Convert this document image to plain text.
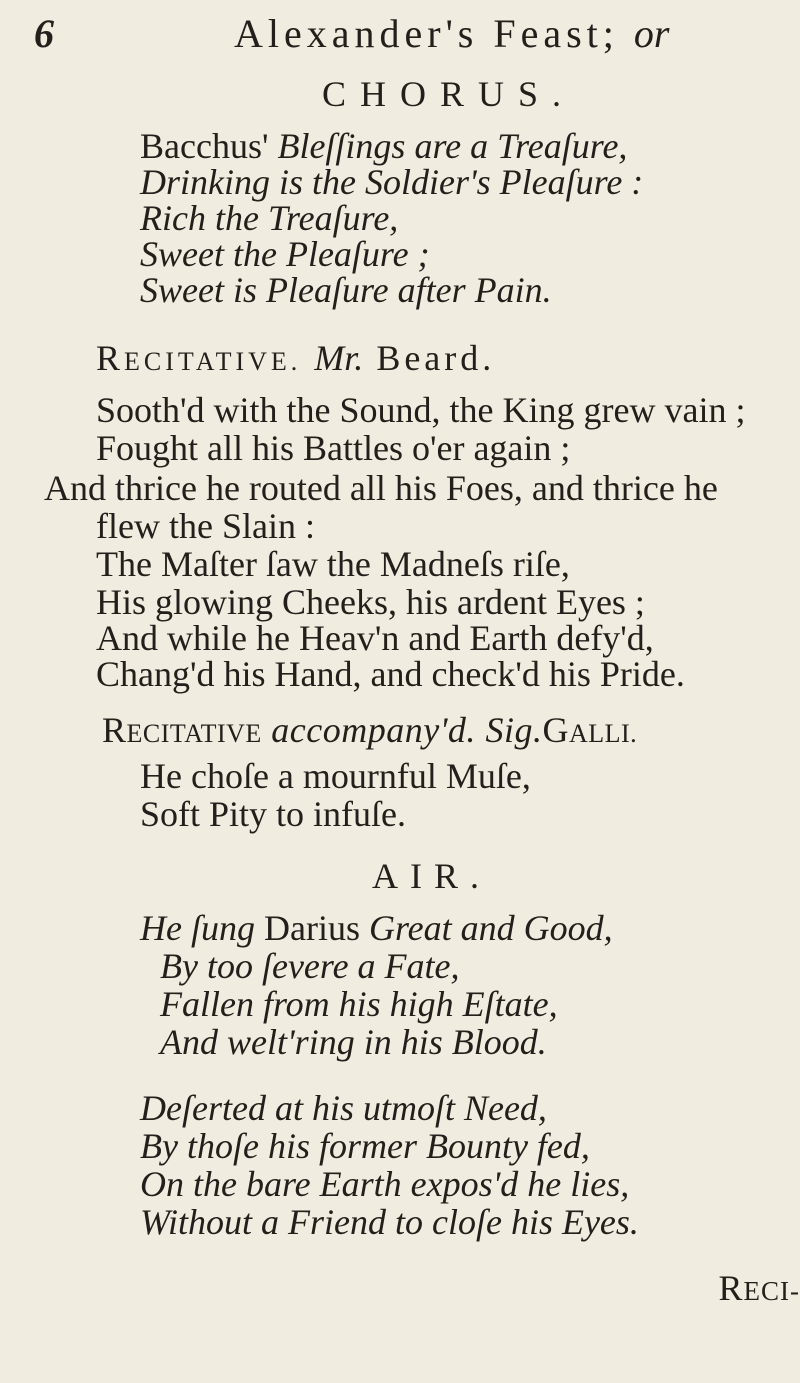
6	Alexander's Feast; or
CHORUS.
Bacchus' Bleſſings are a Treaſure,
Drinking is the Soldier's Pleaſure :
Rich the Treaſure,
Sweet the Pleaſure ;
Sweet is Pleaſure after Pain.
RECITATIVE. Mr. Beard.
Sooth'd with the Sound, the King grew vain ;
Fought all his Battles o'er again ;
And thrice he routed all his Foes, and thrice he
flew the Slain :
The Maſter ſaw the Madneſs riſe,
His glowing Cheeks, his ardent Eyes ;
And while he Heav'n and Earth defy'd,
Chang'd his Hand, and check'd his Pride.
RECITATIVE accompany'd. Sig.GALLI.
He choſe a mournful Muſe,
Soft Pity to infuſe.
AIR.
He ſung Darius Great and Good,
By too ſevere a Fate,
Fallen from his high Eſtate,
And welt'ring in his Blood.
Deſerted at his utmoſt Need,
By thoſe his former Bounty fed,
On the bare Earth expos'd he lies,
Without a Friend to cloſe his Eyes.
RECI-
